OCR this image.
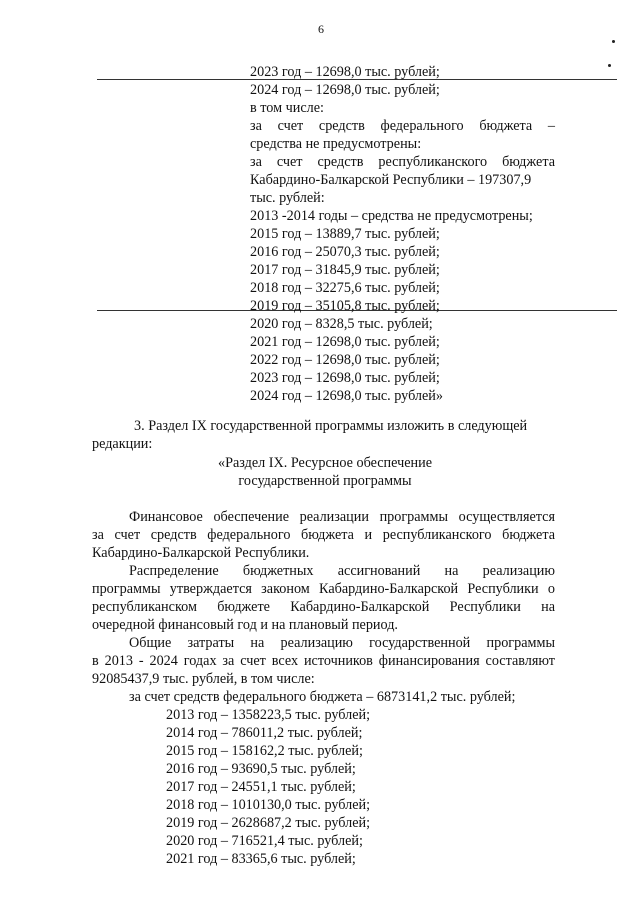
6
2023 год – 12698,0 тыс. рублей;
2024 год – 12698,0 тыс. рублей;
в том числе:
за счет средств федерального бюджета –
средства не предусмотрены:
за счет средств республиканского бюджета
Кабардино-Балкарской Республики – 197307,9
тыс. рублей:
2013 -2014 годы – средства не предусмотрены;
2015 год – 13889,7 тыс. рублей;
2016 год – 25070,3 тыс. рублей;
2017 год – 31845,9 тыс. рублей;
2018 год – 32275,6 тыс. рублей;
2019 год – 35105,8 тыс. рублей;
2020 год – 8328,5 тыс. рублей;
2021 год – 12698,0 тыс. рублей;
2022 год – 12698,0 тыс. рублей;
2023 год – 12698,0 тыс. рублей;
2024 год – 12698,0 тыс. рублей»
3. Раздел IX государственной программы изложить в следующей
редакции:
«Раздел IX. Ресурсное обеспечение
государственной программы
Финансовое обеспечение реализации программы осуществляется
за счет средств федерального бюджета и республиканского бюджета
Кабардино-Балкарской Республики.
Распределение бюджетных ассигнований на реализацию
программы утверждается законом Кабардино-Балкарской Республики о
республиканском бюджете Кабардино-Балкарской Республики на
очередной финансовый год и на плановый период.
Общие затраты на реализацию государственной программы
в 2013 - 2024 годах за счет всех источников финансирования составляют
92085437,9 тыс. рублей, в том числе:
за счет средств федерального бюджета – 6873141,2 тыс. рублей;
2013 год – 1358223,5 тыс. рублей;
2014 год – 786011,2 тыс. рублей;
2015 год – 158162,2 тыс. рублей;
2016 год – 93690,5 тыс. рублей;
2017 год – 24551,1 тыс. рублей;
2018 год – 1010130,0 тыс. рублей;
2019 год – 2628687,2 тыс. рублей;
2020 год – 716521,4 тыс. рублей;
2021 год – 83365,6 тыс. рублей;
